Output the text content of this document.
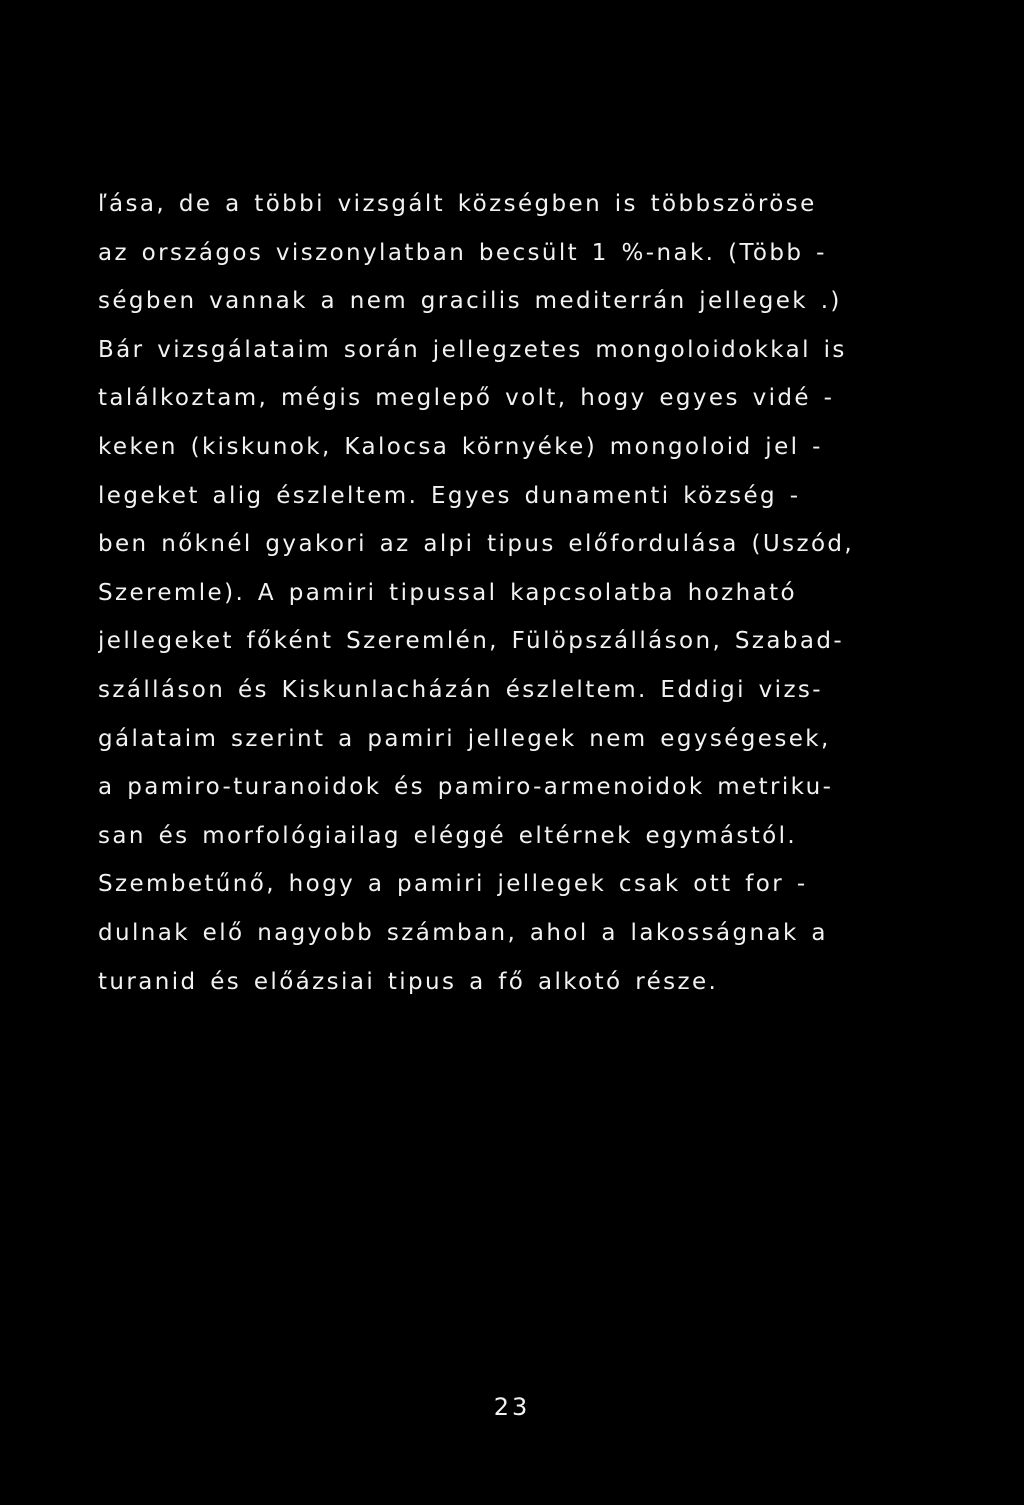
ľása, de a többi vizsgált községben is többszöröse
az országos viszonylatban becsült 1 %-nak. (Több -
ségben vannak a nem gracilis mediterrán jellegek .)
Bár vizsgálataim során jellegzetes mongoloidokkal is
találkoztam, mégis meglepő volt, hogy egyes vidé -
keken (kiskunok, Kalocsa környéke) mongoloid jel -
legeket alig észleltem. Egyes dunamenti község -
ben nőknél gyakori az alpi tipus előfordulása (Uszód,
Szeremle). A pamiri tipussal kapcsolatba hozható
jellegeket főként Szeremlén, Fülöpszálláson, Szabad-
szálláson és Kiskunlacházán észleltem. Eddigi vizs-
gálataim szerint a pamiri jellegek nem egységesek,
a pamiro-turanoidok és pamiro-armenoidok metriku-
san és morfológiailag eléggé eltérnek egymástól.
Szembetűnő, hogy a pamiri jellegek csak ott for -
dulnak elő nagyobb számban, ahol a lakosságnak a
turanid és előázsiai tipus a fő alkotó része.
23
